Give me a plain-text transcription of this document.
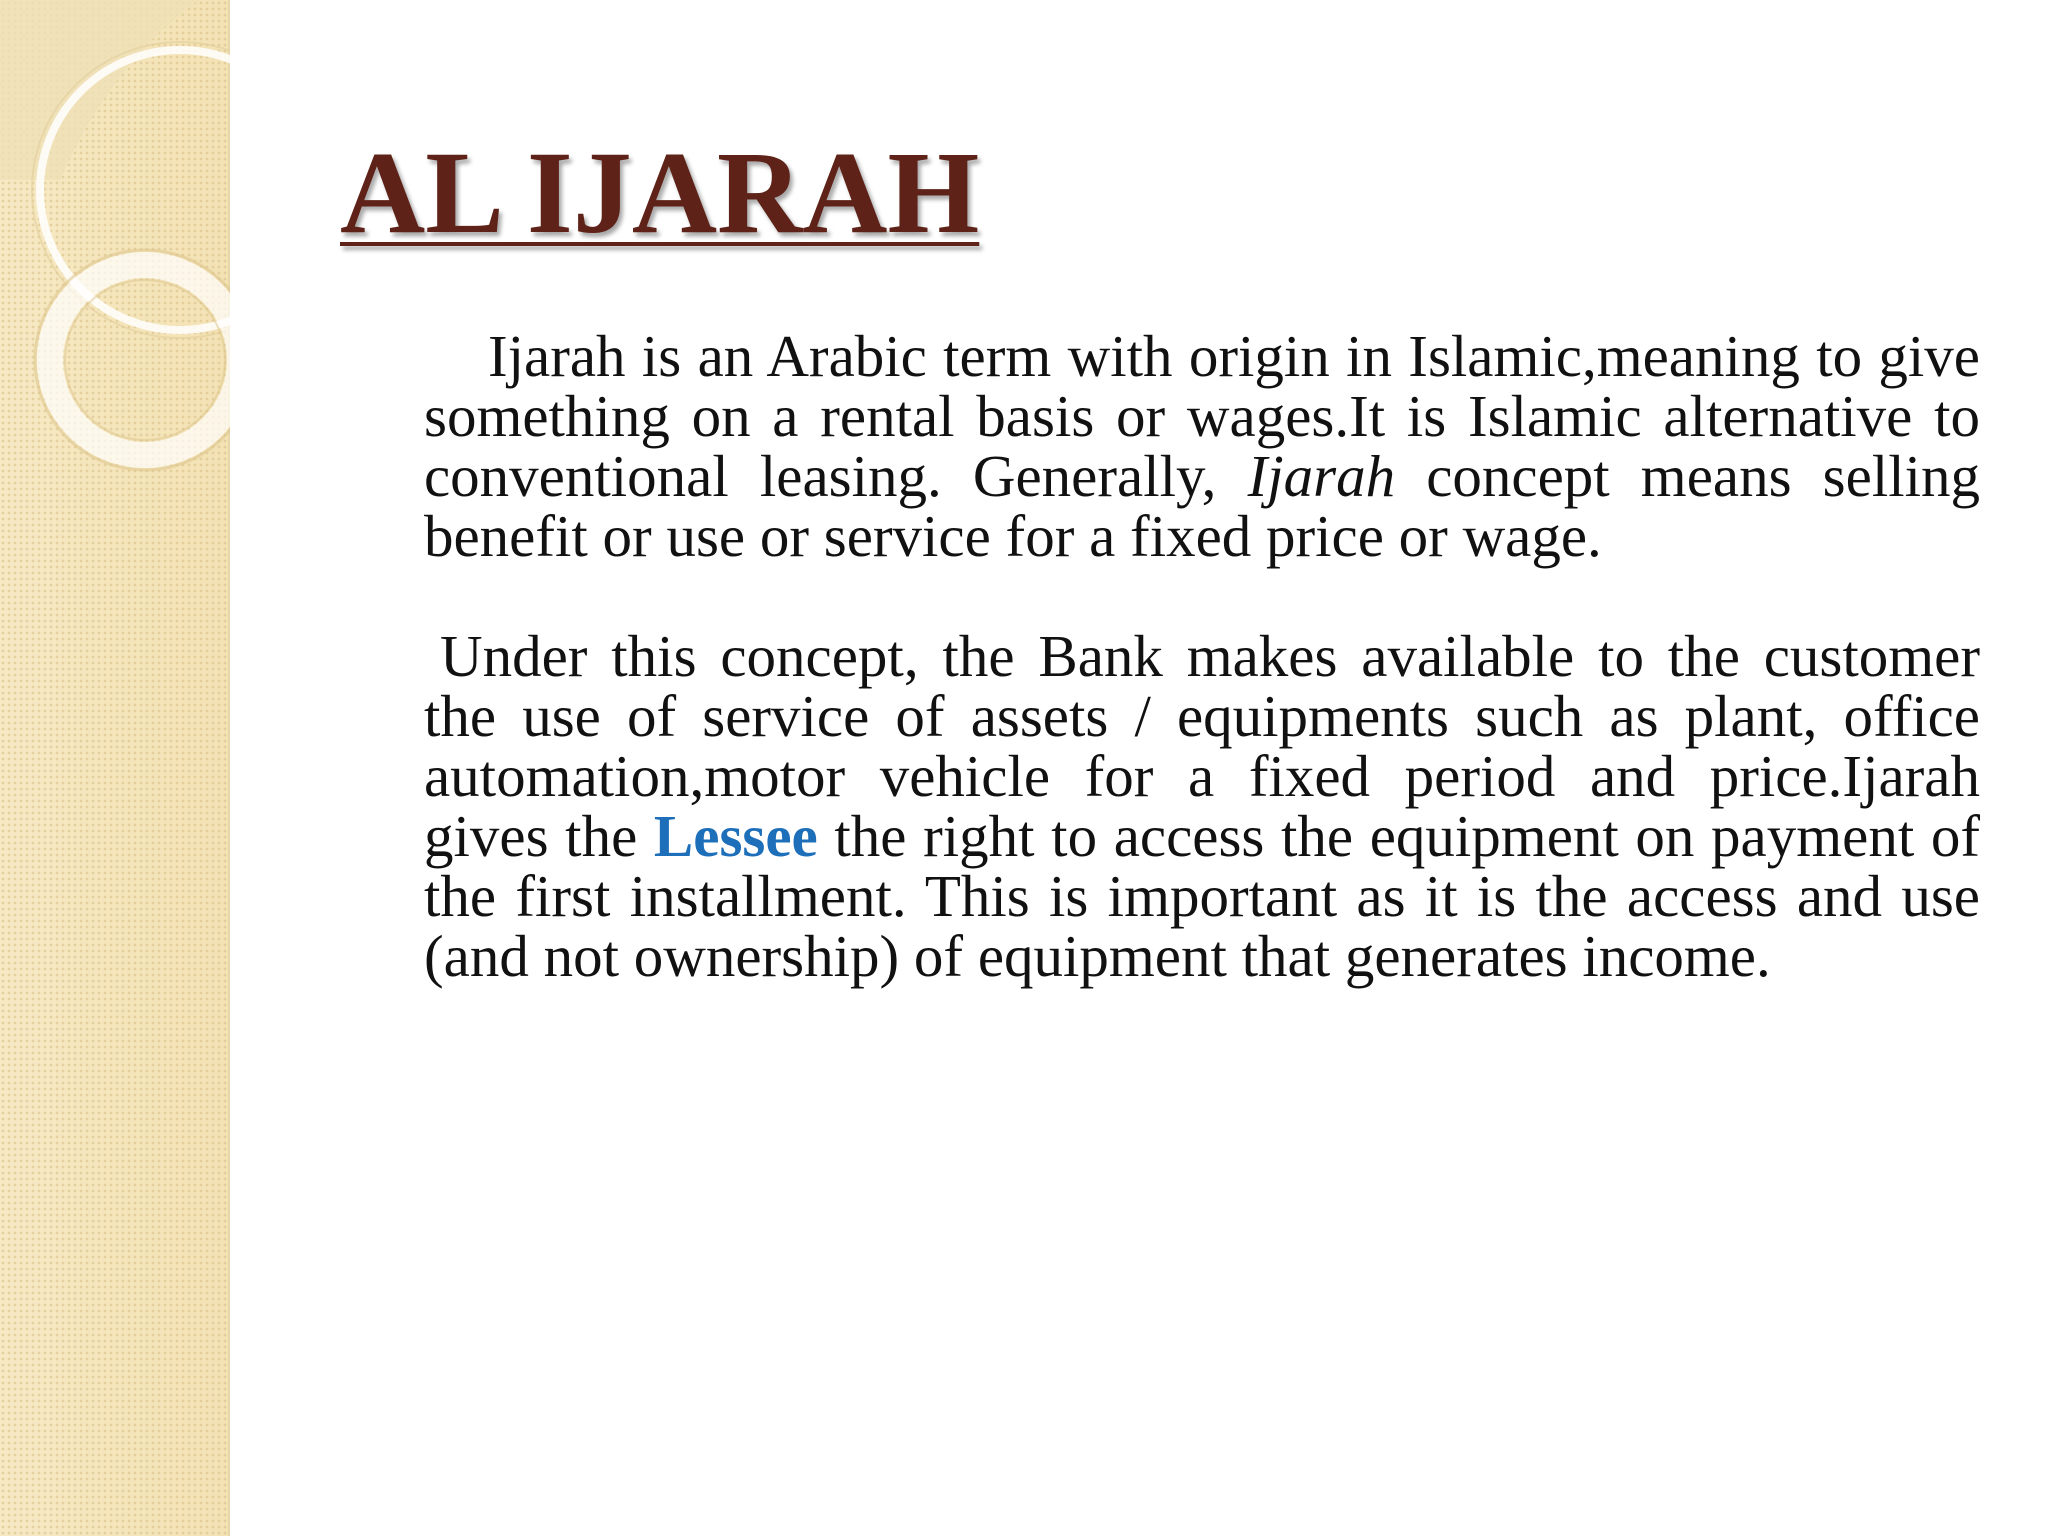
AL IJARAH

Ijarah is an Arabic term with origin in Islamic,meaning to give something on a rental basis or wages.It is Islamic alternative to conventional leasing. Generally, Ijarah concept means selling benefit or use or service for a fixed price or wage.

Under this concept, the Bank makes available to the customer the use of service of assets / equipments such as plant, office automation,motor vehicle for a fixed period and price.Ijarah gives the Lessee the right to access the equipment on payment of the first installment. This is important as it is the access and use (and not ownership) of equipment that generates income.
